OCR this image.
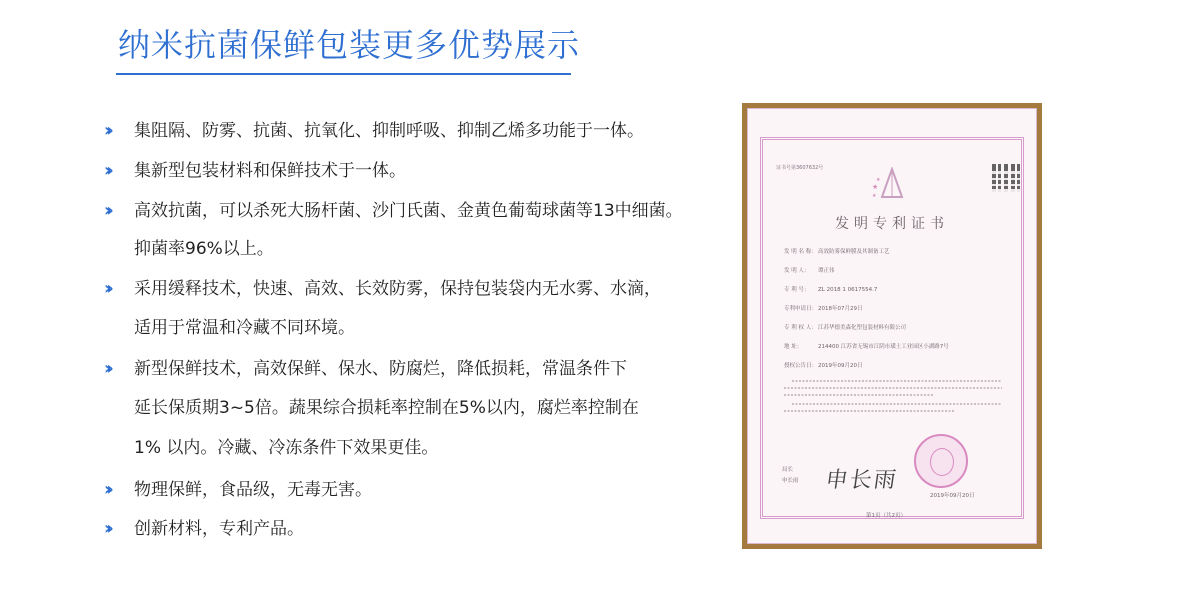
纳米抗菌保鲜包装更多优势展示
››	集阻隔、防雾、抗菌、抗氧化、抑制呼吸、抑制乙烯多功能于一体。
››	集新型包装材料和保鲜技术于一体。
››	高效抗菌，可以杀死大肠杆菌、沙门氏菌、金黄色葡萄球菌等13中细菌。
抑菌率96%以上。
››	采用缓释技术，快速、高效、长效防雾，保持包装袋内无水雾、水滴，
适用于常温和冷藏不同环境。
››	新型保鲜技术，高效保鲜、保水、防腐烂，降低损耗，常温条件下
延长保质期3~5倍。蔬果综合损耗率控制在5%以内，腐烂率控制在
1% 以内。冷藏、冷冻条件下效果更佳。
››	物理保鲜，食品级，无毒无害。
››	创新材料，专利产品。
证书号第3607632号
★
★
★
发明专利证书
发 明 名 称：高效防雾保鲜膜及其制备工艺
发 明 人： 谭正伟
专 利 号： ZL 2018 1 0617554.7
专利申请日：2018年07月29日
专 利 权 人：江苏华德美森化塑包装材料有限公司
地 址：	214400 江苏省无锡市江阴市璜土工业园区小湖路7号
授权公告日：2019年09月20日
局长
申长雨 申长雨
2019年09月20日
第1页（共2页）
